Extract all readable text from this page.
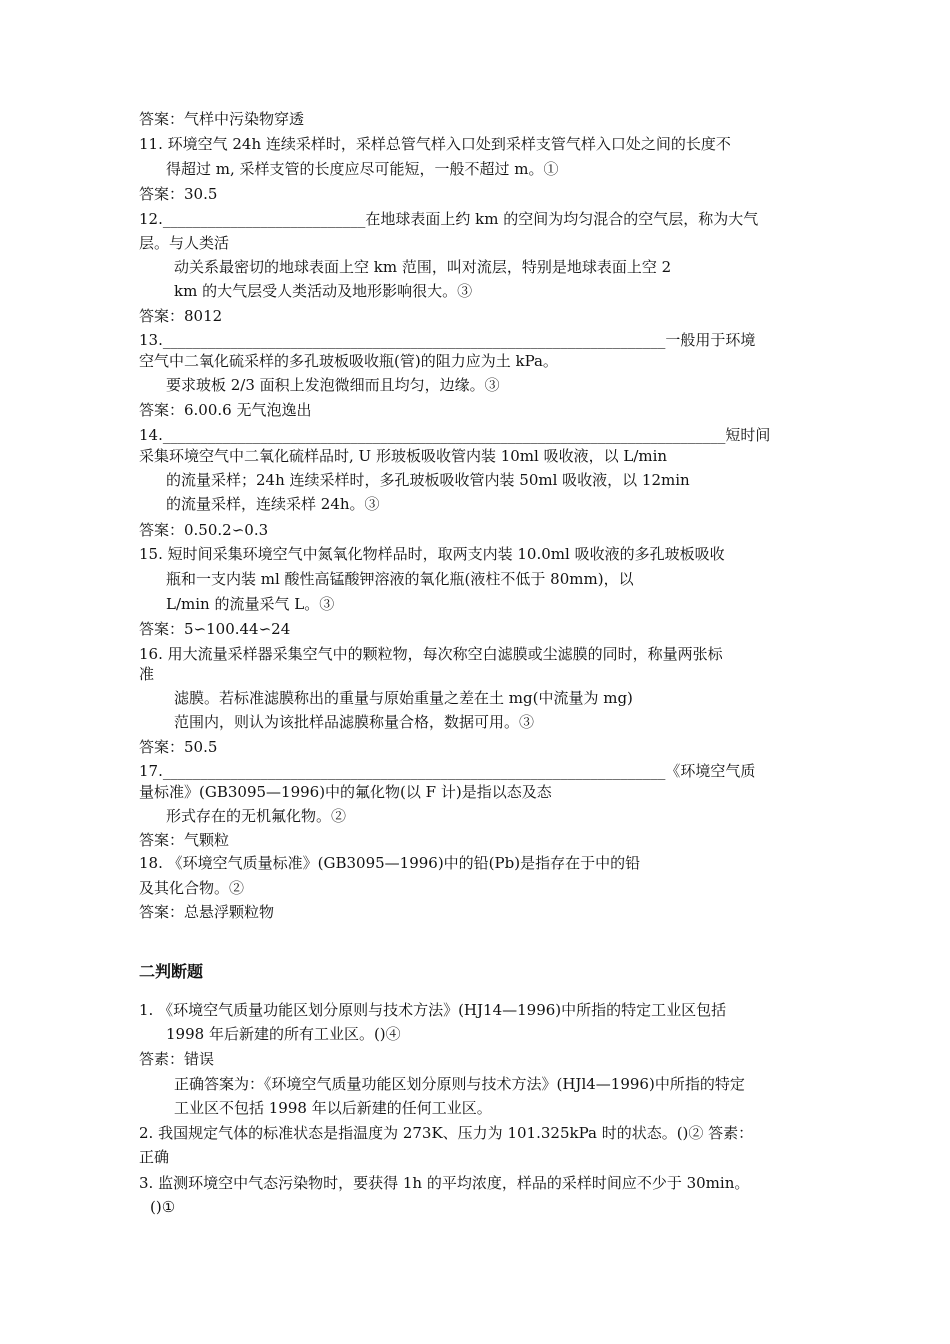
答案：气样中污染物穿透
11. 环境空气 24h 连续采样时，采样总管气样入口处到采样支管气样入口处之间的长度不
得超过 m, 采样支管的长度应尽可能短，一般不超过 m。①
答案：30.5
12.___________________________在地球表面上约 km 的空间为均匀混合的空气层，称为大气
层。与人类活
动关系最密切的地球表面上空 km 范围，叫对流层，特别是地球表面上空 2
km 的大气层受人类活动及地形影响很大。③
答案：8012
13.___________________________________________________________________一般用于环境
空气中二氧化硫采样的多孔玻板吸收瓶(管)的阻力应为土 kPa。
要求玻板 2/3 面积上发泡微细而且均匀，边缘。③
答案：6.00.6 无气泡逸出
14.___________________________________________________________________________短时间
采集环境空气中二氧化硫样品时, U 形玻板吸收管内装 10ml 吸收液，以 L/min
的流量采样；24h 连续采样时，多孔玻板吸收管内装 50ml 吸收液，以 12min
的流量采样，连续采样 24h。③
答案：0.50.2∽0.3
15. 短时间采集环境空气中氮氧化物样品时，取两支内装 10.0ml 吸收液的多孔玻板吸收
瓶和一支内装 ml 酸性高锰酸钾溶液的氧化瓶(液柱不低于 80mm)，以
L/min 的流量采气 L。③
答案：5∽100.44∽24
16. 用大流量采样器采集空气中的颗粒物，每次称空白滤膜或尘滤膜的同时，称量两张标
准
滤膜。若标准滤膜称出的重量与原始重量之差在土 mg(中流量为 mg)
范围内，则认为该批样品滤膜称量合格，数据可用。③
答案：50.5
17.___________________________________________________________________《环境空气质
量标准》(GB3095—1996)中的氟化物(以 F 计)是指以态及态
形式存在的无机氟化物。②
答案：气颗粒
18. 《环境空气质量标准》(GB3095—1996)中的铅(Pb)是指存在于中的铅
及其化合物。②
答案：总悬浮颗粒物
二判断题
1. 《环境空气质量功能区划分原则与技术方法》(HJ14—1996)中所指的特定工业区包括
1998 年后新建的所有工业区。()④
答素：错误
正确答案为：《环境空气质量功能区划分原则与技术方法》(HJl4—1996)中所指的特定
工业区不包括 1998 年以后新建的任何工业区。
2. 我国规定气体的标准状态是指温度为 273K、压力为 101.325kPa 时的状态。()② 答素：
正确
3. 监测环境空中气态污染物时，要获得 1h 的平均浓度，样品的采样时间应不少于 30min。
()①
